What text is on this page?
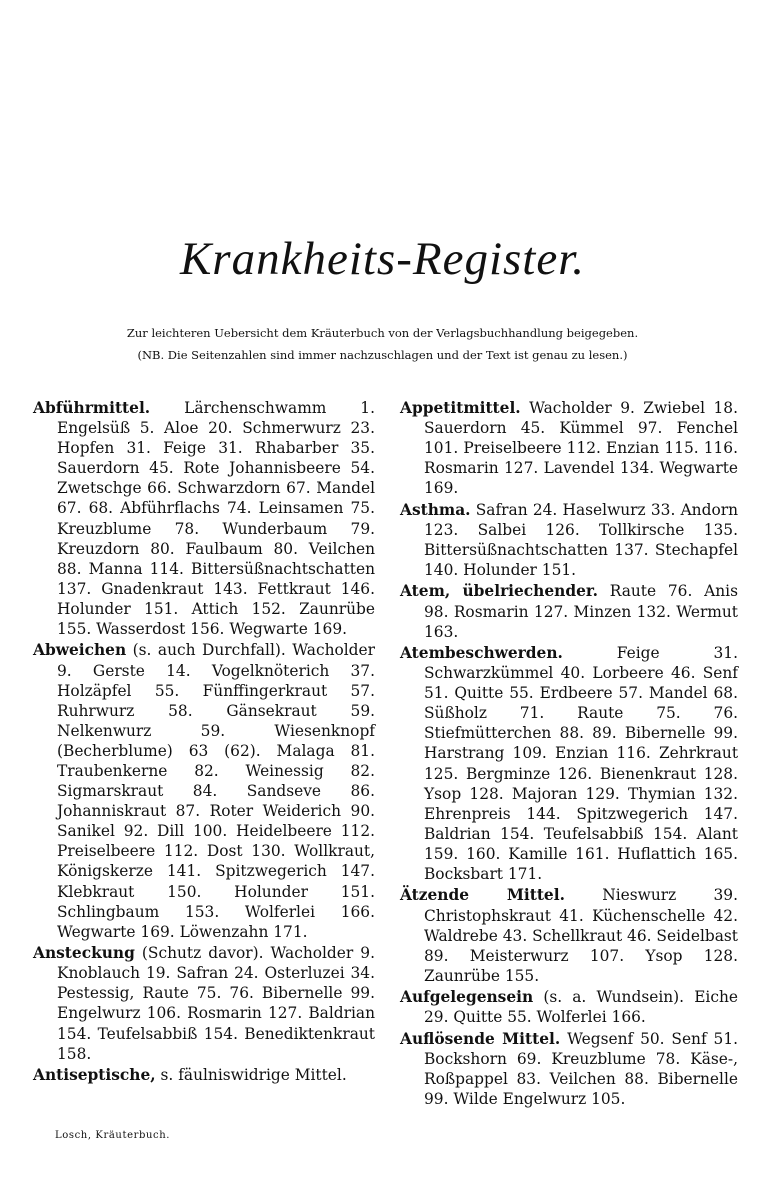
Krankheits-Register.
Zur leichteren Uebersicht dem Kräuterbuch von der Verlagsbuchhandlung beigegeben.
(NB. Die Seitenzahlen sind immer nachzuschlagen und der Text ist genau zu lesen.)

Abführmittel. Lärchenschwamm 1. Engelsüß 5. Aloe 20. Schmerwurz 23. Hopfen 31. Feige 31. Rhabarber 35. Sauerdorn 45. Rote Johannisbeere 54. Zwetschge 66. Schwarzdorn 67. Mandel 67. 68. Abführflachs 74. Leinsamen 75. Kreuzblume 78. Wunderbaum 79. Kreuzdorn 80. Faulbaum 80. Veilchen 88. Manna 114. Bittersüßnachtschatten 137. Gnadenkraut 143. Fettkraut 146. Holunder 151. Attich 152. Zaunrübe 155. Wasserdost 156. Wegwarte 169.

Abweichen (s. auch Durchfall). Wacholder 9. Gerste 14. Vogelknöterich 37. Holzäpfel 55. Fünffingerkraut 57. Ruhrwurz 58. Gänsekraut 59. Nelkenwurz 59. Wiesenknopf (Becherblume) 63 (62). Malaga 81. Traubenkerne 82. Weinessig 82. Sigmarskraut 84. Sandseve 86. Johanniskraut 87. Roter Weiderich 90. Sanikel 92. Dill 100. Heidelbeere 112. Preiselbeere 112. Dost 130. Wollkraut, Königskerze 141. Spitzwegerich 147. Klebkraut 150. Holunder 151. Schlingbaum 153. Wolferlei 166. Wegwarte 169. Löwenzahn 171.

Ansteckung (Schutz davor). Wacholder 9. Knoblauch 19. Safran 24. Osterluzei 34. Pestessig, Raute 75. 76. Bibernelle 99. Engelwurz 106. Rosmarin 127. Baldrian 154. Teufelsabbiß 154. Benediktenkraut 158.

Antiseptische, s. fäulniswidrige Mittel.

Appetitmittel. Wacholder 9. Zwiebel 18. Sauerdorn 45. Kümmel 97. Fenchel 101. Preiselbeere 112. Enzian 115. 116. Rosmarin 127. Lavendel 134. Wegwarte 169.

Asthma. Safran 24. Haselwurz 33. Andorn 123. Salbei 126. Tollkirsche 135. Bittersüßnachtschatten 137. Stechapfel 140. Holunder 151.

Atem, übelriechender. Raute 76. Anis 98. Rosmarin 127. Minzen 132. Wermut 163.

Atembeschwerden. Feige 31. Schwarzkümmel 40. Lorbeere 46. Senf 51. Quitte 55. Erdbeere 57. Mandel 68. Süßholz 71. Raute 75. 76. Stiefmütterchen 88. 89. Bibernelle 99. Harstrang 109. Enzian 116. Zehrkraut 125. Bergminze 126. Bienenkraut 128. Ysop 128. Majoran 129. Thymian 132. Ehrenpreis 144. Spitzwegerich 147. Baldrian 154. Teufelsabbiß 154. Alant 159. 160. Kamille 161. Huflattich 165. Bocksbart 171.

Ätzende Mittel. Nieswurz 39. Christophskraut 41. Küchenschelle 42. Waldrebe 43. Schellkraut 46. Seidelbast 89. Meisterwurz 107. Ysop 128. Zaunrübe 155.

Aufgelegensein (s. a. Wundsein). Eiche 29. Quitte 55. Wolferlei 166.

Auflösende Mittel. Wegsenf 50. Senf 51. Bockshorn 69. Kreuzblume 78. Käse-, Roßpappel 83. Veilchen 88. Bibernelle 99. Wilde Engelwurz 105.

Losch, Kräuterbuch.
